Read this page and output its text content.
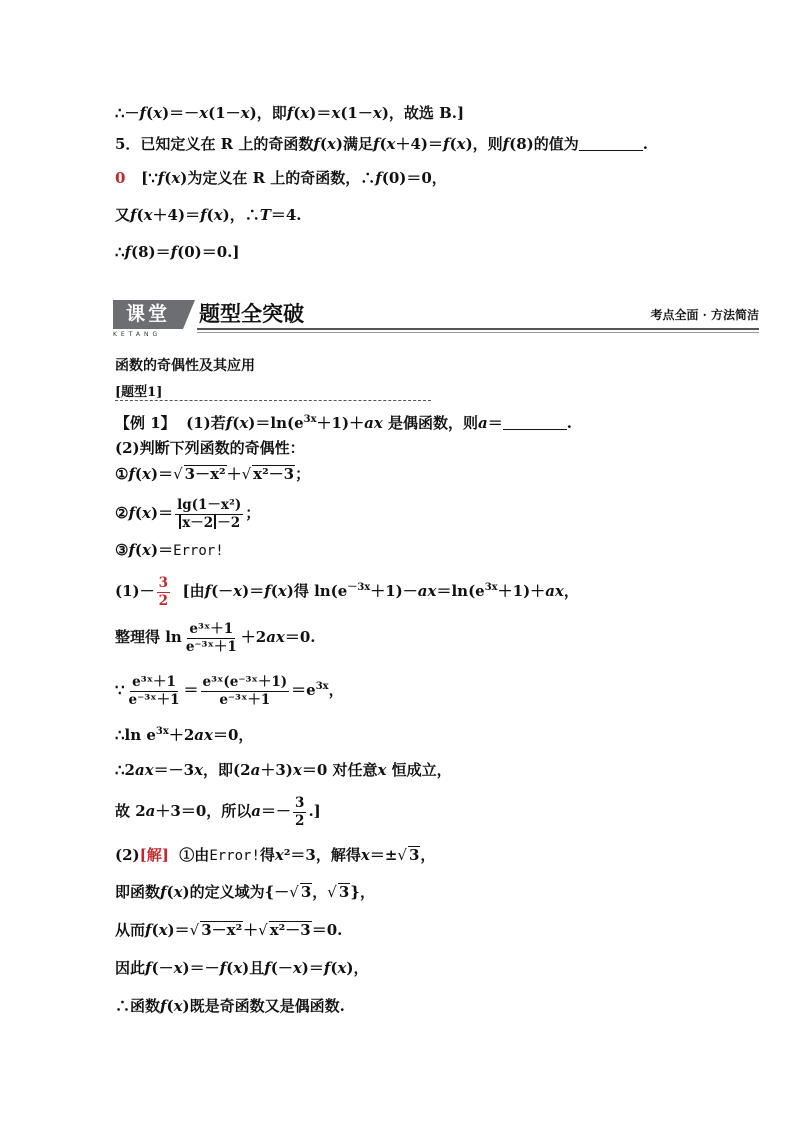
∴－f(x)＝－x(1－x)，即f(x)＝x(1－x)，故选 B.]
5．已知定义在 R 上的奇函数f(x)满足f(x＋4)＝f(x)，则f(8)的值为	.
0 [∵f(x)为定义在 R 上的奇函数，∴f(0)＝0，
又f(x＋4)＝f(x)，∴T＝4.
∴f(8)＝f(0)＝0.]
课堂
KETANG
题型全突破	考点全面 · 方法简洁
函数的奇偶性及其应用
[题型1]
【例 1】 (1)若$f(x)=\ln(e^{3x}+1)+ax$ 是偶函数，则a＝	.
(2)判断下列函数的奇偶性：
①f(x)＝√ 3－x²＋√ x²－3；
②f(x)＝ $\frac{\text{lg(1－x²)}}{x-2 -2}$ ；
③f(x)＝Error!
$(1)- \frac{3}{2}$ [由f(－x)＝f(x)得 $\ln(e^{-3x}+1)-ax=\ln(e^{3x}+1)+ax$，
整理得 $\ln \frac{\text{e³ˣ＋1}}{\text{e⁻³ˣ＋1}} +2ax=0$.
∵ $\frac{\text{e³ˣ＋1}}{\text{e⁻³ˣ＋1}} = \frac{\text{e³ˣ(e⁻³ˣ＋1)}}{\text{e⁻³ˣ＋1}} =e^{3x}$，
∴ln $e^{3x}+2ax=0$，
∴2ax＝－3x，即(2a＋3)x＝0 对任意x 恒成立，
故 2a＋3＝0，所以$a=- \frac{3}{2}$ .]
(2)[解] ①由Error!得x²＝3，解得x＝±√ 3，
即函数f(x)的定义域为{－√ 3，√ 3}，
从而f(x)＝√ 3－x²＋√ x²－3＝0.
因此f(－x)＝－f(x)且f(－x)＝f(x)，
∴函数f(x)既是奇函数又是偶函数.
